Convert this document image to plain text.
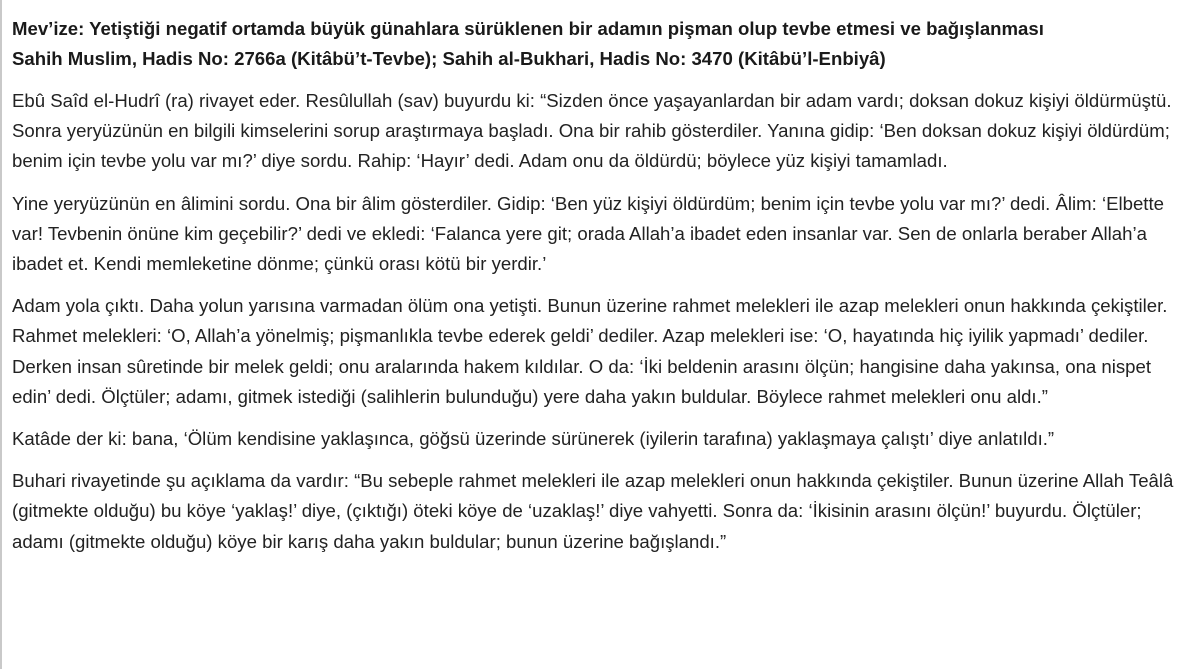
Mev’ize: Yetiştiği negatif ortamda büyük günahlara sürüklenen bir adamın pişman olup tevbe etmesi ve bağışlanması
Sahih Muslim, Hadis No: 2766a (Kitâbü’t-Tevbe); Sahih al-Bukhari, Hadis No: 3470 (Kitâbü’l-Enbiyâ)

Ebû Saîd el-Hudrî (ra) rivayet eder. Resûlullah (sav) buyurdu ki: “Sizden önce yaşayanlardan bir adam vardı; doksan dokuz kişiyi öldürmüştü. Sonra yeryüzünün en bilgili kimselerini sorup araştırmaya başladı. Ona bir rahib gösterdiler. Yanına gidip: ‘Ben doksan dokuz kişiyi öldürdüm; benim için tevbe yolu var mı?’ diye sordu. Rahip: ‘Hayır’ dedi. Adam onu da öldürdü; böylece yüz kişiyi tamamladı.

Yine yeryüzünün en âlimini sordu. Ona bir âlim gösterdiler. Gidip: ‘Ben yüz kişiyi öldürdüm; benim için tevbe yolu var mı?’ dedi. Âlim: ‘Elbette var! Tevbenin önüne kim geçebilir?’ dedi ve ekledi: ‘Falanca yere git; orada Allah’a ibadet eden insanlar var. Sen de onlarla beraber Allah’a ibadet et. Kendi memleketine dönme; çünkü orası kötü bir yerdir.’

Adam yola çıktı. Daha yolun yarısına varmadan ölüm ona yetişti. Bunun üzerine rahmet melekleri ile azap melekleri onun hakkında çekiştiler. Rahmet melekleri: ‘O, Allah’a yönelmiş; pişmanlıkla tevbe ederek geldi’ dediler. Azap melekleri ise: ‘O, hayatında hiç iyilik yapmadı’ dediler. Derken insan sûretinde bir melek geldi; onu aralarında hakem kıldılar. O da: ‘İki beldenin arasını ölçün; hangisine daha yakınsa, ona nispet edin’ dedi. Ölçtüler; adamı, gitmek istediği (salihlerin bulunduğu) yere daha yakın buldular. Böylece rahmet melekleri onu aldı.”

Katâde der ki: bana, ‘Ölüm kendisine yaklaşınca, göğsü üzerinde sürünerek (iyilerin tarafına) yaklaşmaya çalıştı’ diye anlatıldı.”

Buhari rivayetinde şu açıklama da vardır: “Bu sebeple rahmet melekleri ile azap melekleri onun hakkında çekiştiler. Bunun üzerine Allah Teâlâ (gitmekte olduğu) bu köye ‘yaklaş!’ diye, (çıktığı) öteki köye de ‘uzaklaş!’ diye vahyetti. Sonra da: ‘İkisinin arasını ölçün!’ buyurdu. Ölçtüler; adamı (gitmekte olduğu) köye bir karış daha yakın buldular; bunun üzerine bağışlandı.”
